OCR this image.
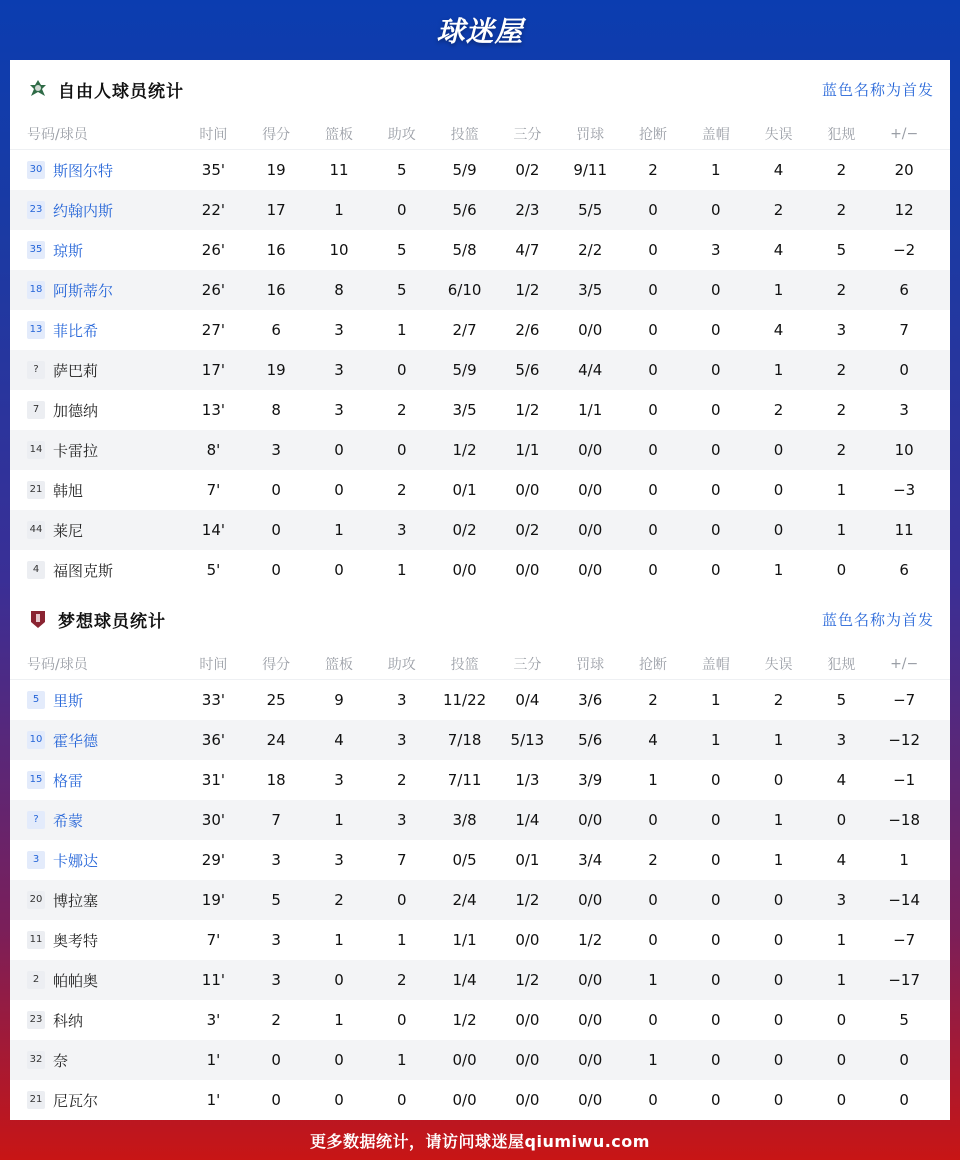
球迷屋
自由人球员统计	蓝色名称为首发
号码/球员	时间	得分	篮板	助攻	投篮	三分	罚球	抢断	盖帽	失误	犯规	+/−
30 斯图尔特	35'	19	11	5	5/9	0/2	9/11	2	1	4	2	20
23 约翰内斯	22'	17	1	0	5/6	2/3	5/5	0	0	2	2	12
35 琼斯	26'	16	10	5	5/8	4/7	2/2	0	3	4	5	−2
18 阿斯蒂尔	26'	16	8	5	6/10	1/2	3/5	0	0	1	2	6
13 菲比希	27'	6	3	1	2/7	2/6	0/0	0	0	4	3	7
? 萨巴莉	17'	19	3	0	5/9	5/6	4/4	0	0	1	2	0
7 加德纳	13'	8	3	2	3/5	1/2	1/1	0	0	2	2	3
14 卡雷拉	8'	3	0	0	1/2	1/1	0/0	0	0	0	2	10
21 韩旭	7'	0	0	2	0/1	0/0	0/0	0	0	0	1	−3
44 莱尼	14'	0	1	3	0/2	0/2	0/0	0	0	0	1	11
4 福图克斯	5'	0	0	1	0/0	0/0	0/0	0	0	1	0	6
梦想球员统计	蓝色名称为首发
号码/球员	时间	得分	篮板	助攻	投篮	三分	罚球	抢断	盖帽	失误	犯规	+/−
5 里斯	33'	25	9	3	11/22	0/4	3/6	2	1	2	5	−7
10 霍华德	36'	24	4	3	7/18	5/13	5/6	4	1	1	3	−12
15 格雷	31'	18	3	2	7/11	1/3	3/9	1	0	0	4	−1
? 希蒙	30'	7	1	3	3/8	1/4	0/0	0	0	1	0	−18
3 卡娜达	29'	3	3	7	0/5	0/1	3/4	2	0	1	4	1
20 博拉塞	19'	5	2	0	2/4	1/2	0/0	0	0	0	3	−14
11 奥考特	7'	3	1	1	1/1	0/0	1/2	0	0	0	1	−7
2 帕帕奥	11'	3	0	2	1/4	1/2	0/0	1	0	0	1	−17
23 科纳	3'	2	1	0	1/2	0/0	0/0	0	0	0	0	5
32 奈	1'	0	0	1	0/0	0/0	0/0	1	0	0	0	0
21 尼瓦尔	1'	0	0	0	0/0	0/0	0/0	0	0	0	0	0
更多数据统计，请访问球迷屋qiumiwu.com
